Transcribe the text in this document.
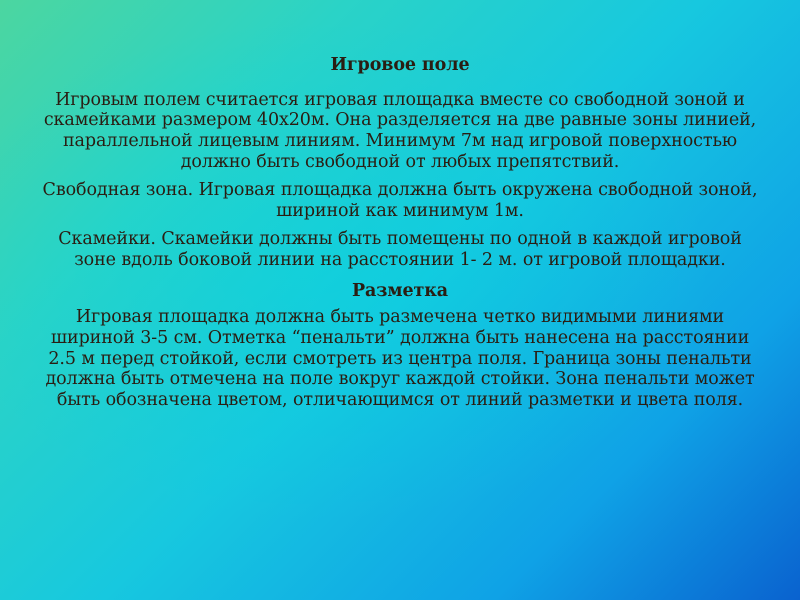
Игровое поле
Игровым полем считается игровая площадка вместе со свободной зоной и скамейками размером 40х20м. Она разделяется на две равные зоны линией, параллельной лицевым линиям. Минимум 7м над игровой поверхностью должно быть свободной от любых препятствий.
Свободная зона. Игровая площадка должна быть окружена свободной зоной, шириной как минимум 1м.
Скамейки. Скамейки должны быть помещены по одной в каждой игровой зоне вдоль боковой линии на расстоянии 1- 2 м. от игровой площадки.
Разметка
Игровая площадка должна быть размечена четко видимыми линиями шириной 3-5 см. Отметка “пенальти” должна быть нанесена на расстоянии 2.5 м перед стойкой, если смотреть из центра поля. Граница зоны пенальти должна быть отмечена на поле вокруг каждой стойки. Зона пенальти может быть обозначена цветом, отличающимся от линий разметки и цвета поля.
